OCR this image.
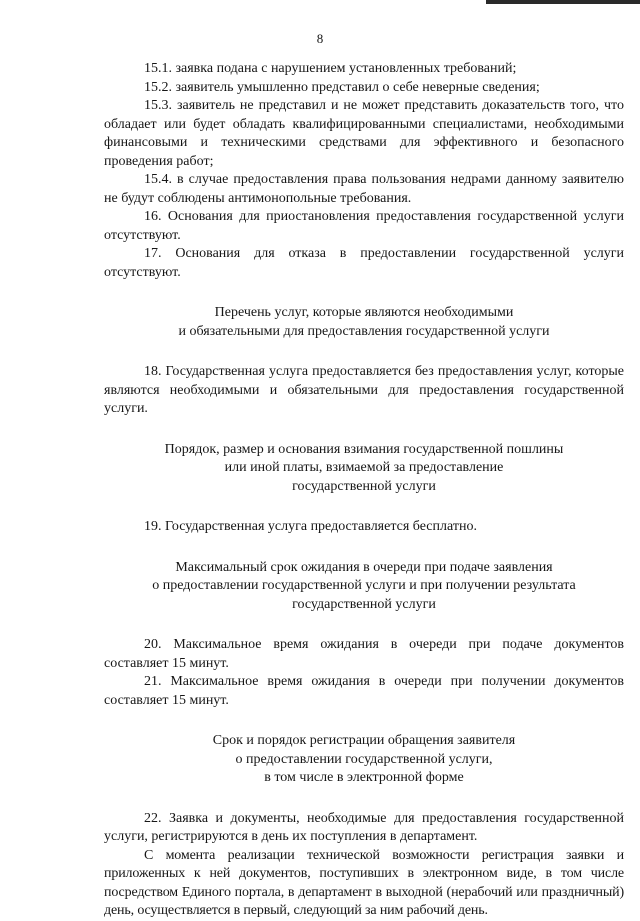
8

15.1. заявка подана с нарушением установленных требований;

15.2. заявитель умышленно представил о себе неверные сведения;

15.3. заявитель не представил и не может представить доказательств того, что обладает или будет обладать квалифицированными специалистами, необходимыми финансовыми и техническими средствами для эффективного и безопасного проведения работ;

15.4. в случае предоставления права пользования недрами данному заявителю не будут соблюдены антимонопольные требования.

16. Основания для приостановления предоставления государственной услуги отсутствуют.

17. Основания для отказа в предоставлении государственной услуги отсутствуют.

Перечень услуг, которые являются необходимыми
и обязательными для предоставления государственной услуги

18. Государственная услуга предоставляется без предоставления услуг, которые являются необходимыми и обязательными для предоставления государственной услуги.

Порядок, размер и основания взимания государственной пошлины
или иной платы, взимаемой за предоставление
государственной услуги

19. Государственная услуга предоставляется бесплатно.

Максимальный срок ожидания в очереди при подаче заявления
о предоставлении государственной услуги и при получении результата
государственной услуги

20. Максимальное время ожидания в очереди при подаче документов составляет 15 минут.

21. Максимальное время ожидания в очереди при получении документов составляет 15 минут.

Срок и порядок регистрации обращения заявителя
о предоставлении государственной услуги,
в том числе в электронной форме

22. Заявка и документы, необходимые для предоставления государственной услуги, регистрируются в день их поступления в департамент.

С момента реализации технической возможности регистрация заявки и приложенных к ней документов, поступивших в электронном виде, в том числе посредством Единого портала, в департамент в выходной (нерабочий или праздничный) день, осуществляется в первый, следующий за ним рабочий день.
